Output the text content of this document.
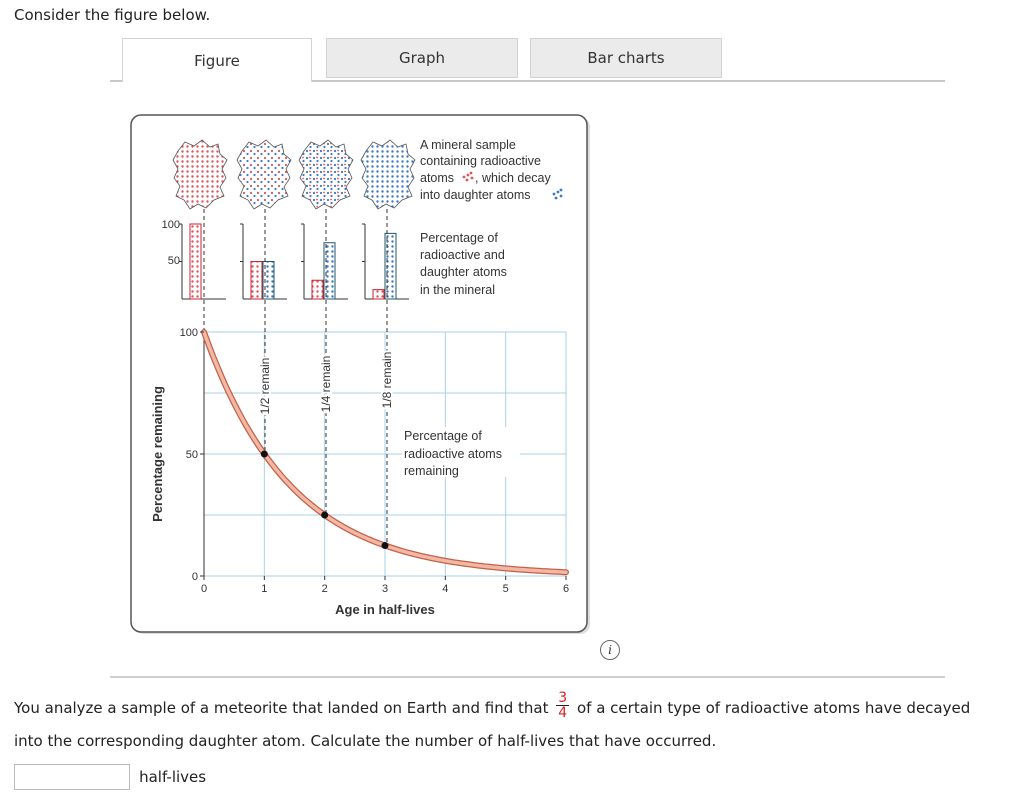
Consider the figure below.
Figure	Graph	Bar charts
A mineral sample
containing radioactive
atoms , which decay
into daughter atoms
Percentage of
radioactive and
daughter atoms
in the mineral
100
50
1/2 remain	1/4 remain	1/8 remain
Percentage of
radioactive atoms
remaining
0	1	2	3	4	5	6
0
50
100
Age in half-lives
Percentage remaining
i
You analyze a sample of a meteorite that landed on Earth and find that $\frac{3}{4}$ of a certain type of radioactive atoms have decayed
into the corresponding daughter atom. Calculate the number of half-lives that have occurred.
half-lives
